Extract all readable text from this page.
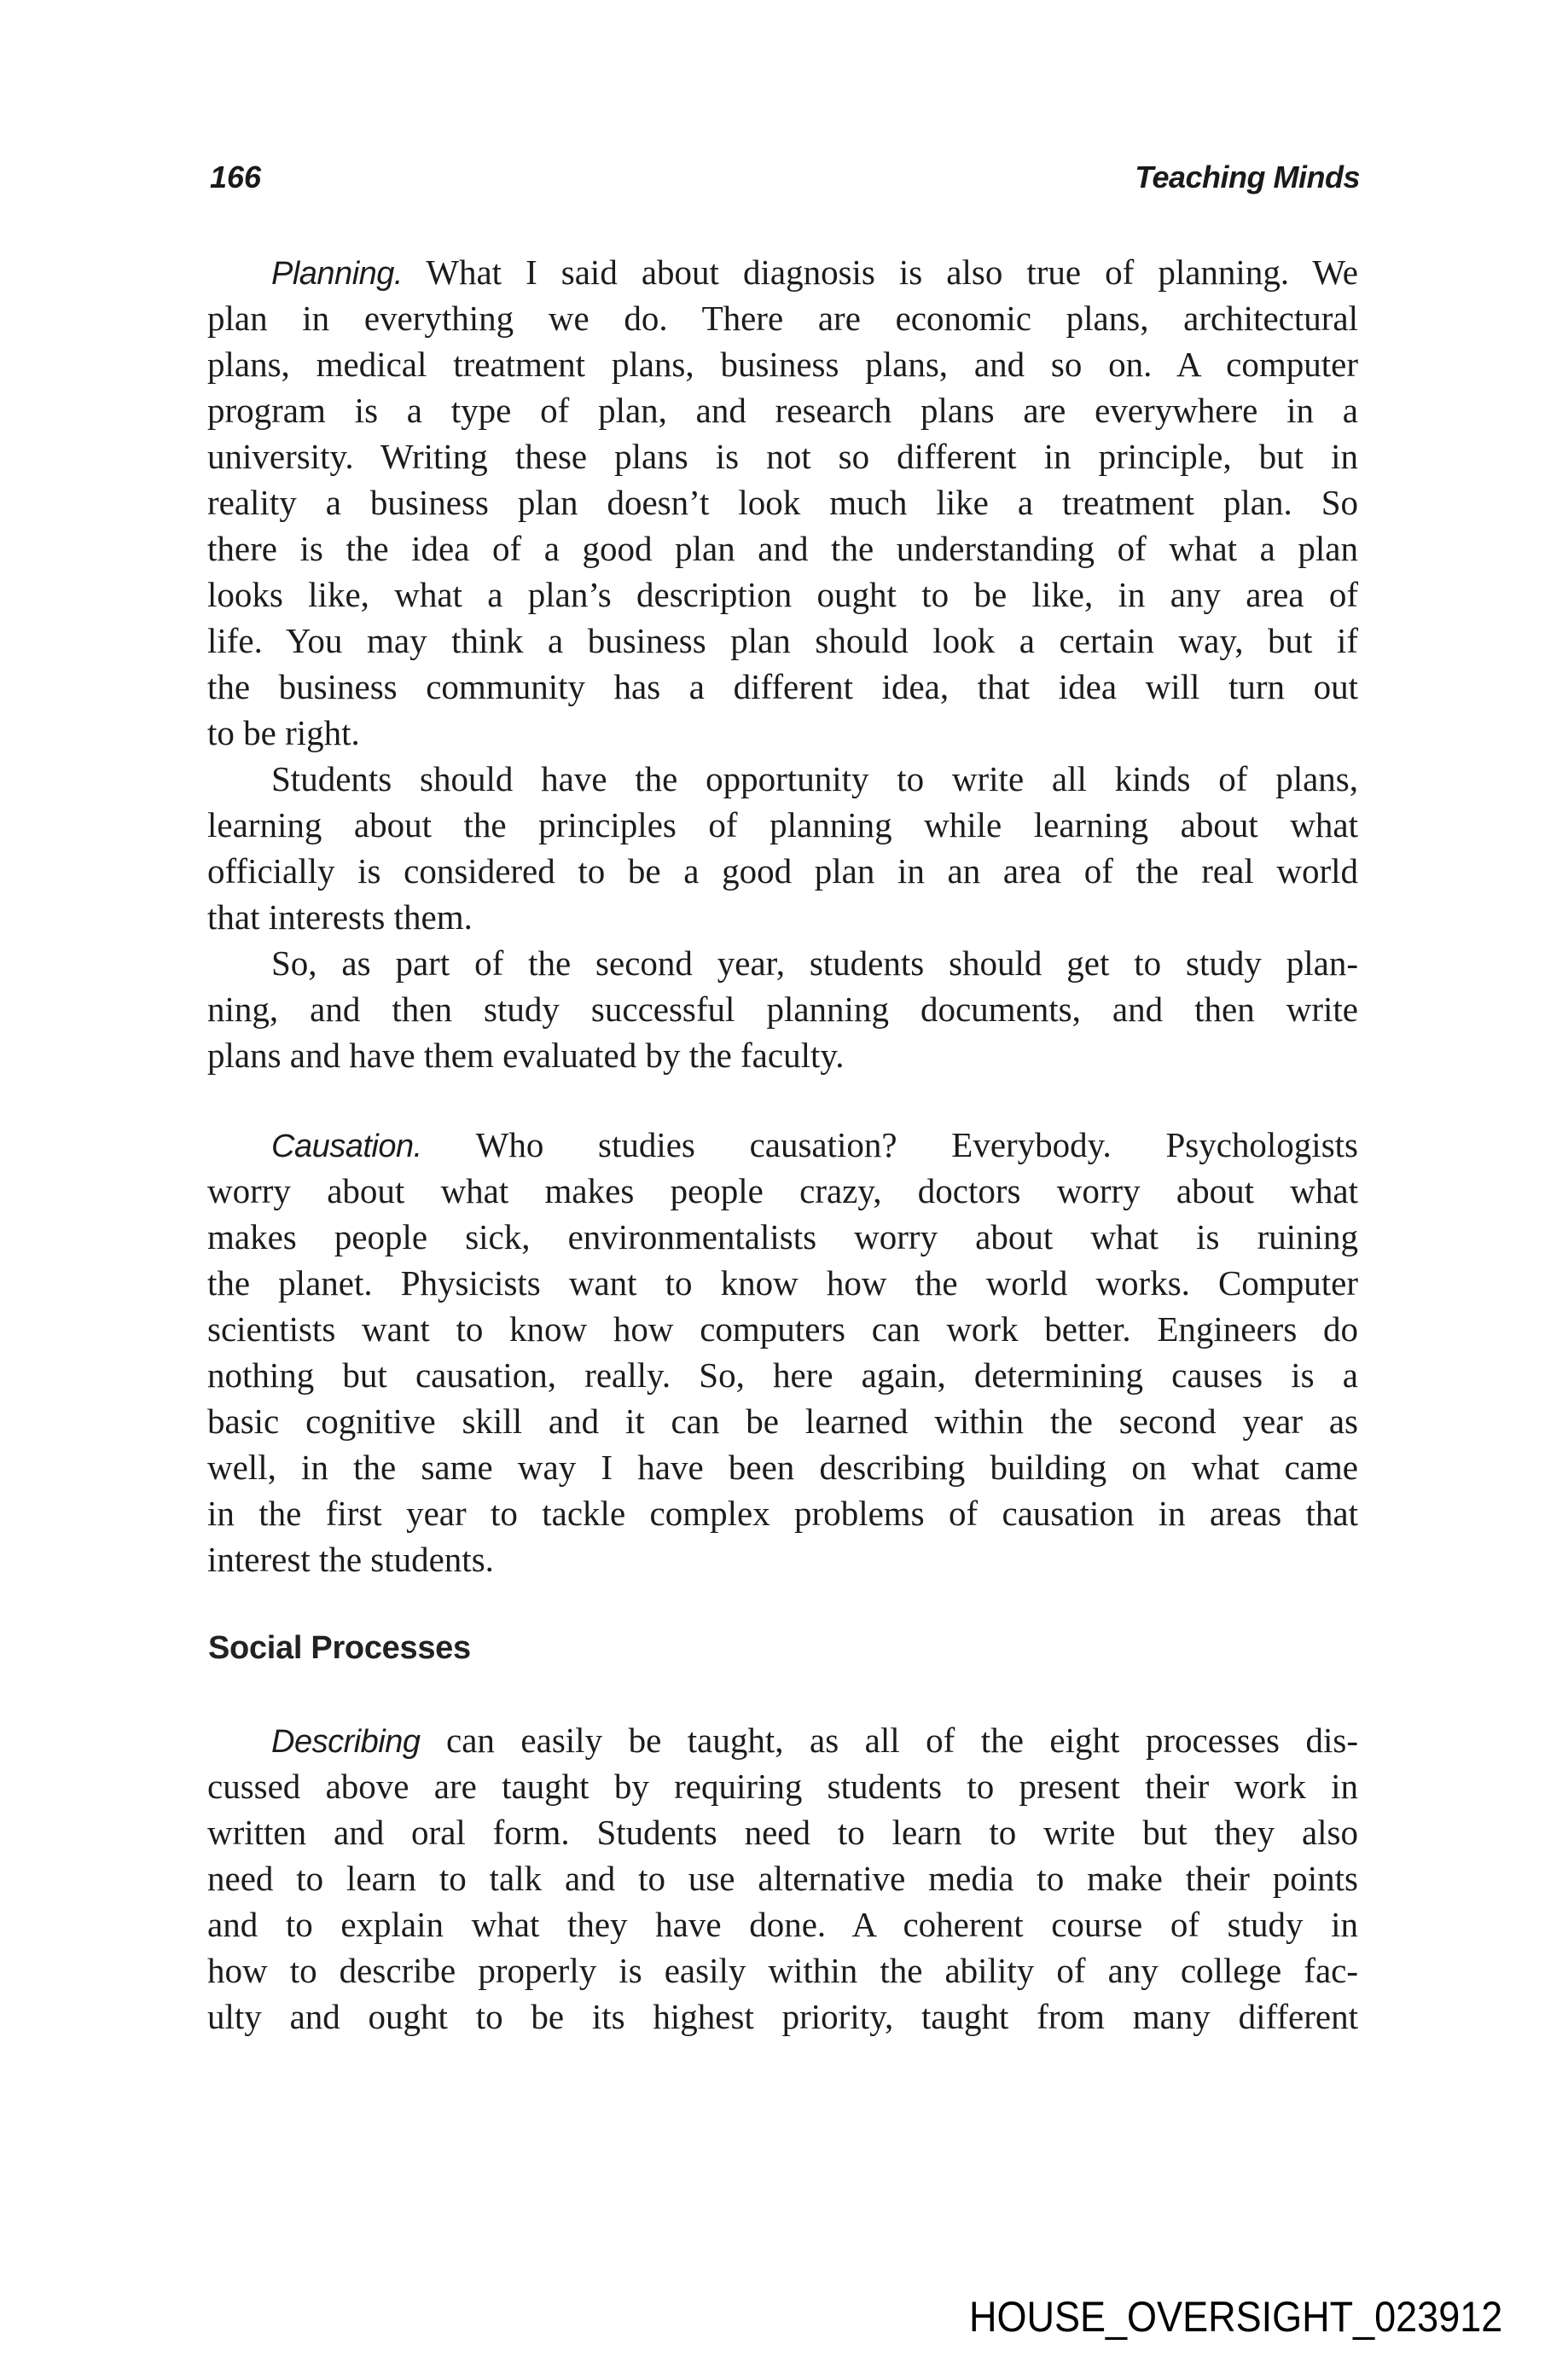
166	Teaching Minds
Planning. What I said about diagnosis is also true of planning. We
plan in everything we do. There are economic plans, architectural
plans, medical treatment plans, business plans, and so on. A computer
program is a type of plan, and research plans are everywhere in a
university. Writing these plans is not so different in principle, but in
reality a business plan doesn’t look much like a treatment plan. So
there is the idea of a good plan and the understanding of what a plan
looks like, what a plan’s description ought to be like, in any area of
life. You may think a business plan should look a certain way, but if
the business community has a different idea, that idea will turn out
to be right.
Students should have the opportunity to write all kinds of plans,
learning about the principles of planning while learning about what
officially is considered to be a good plan in an area of the real world
that interests them.
So, as part of the second year, students should get to study plan-
ning, and then study successful planning documents, and then write
plans and have them evaluated by the faculty.
Causation. Who studies causation? Everybody. Psychologists
worry about what makes people crazy, doctors worry about what
makes people sick, environmentalists worry about what is ruining
the planet. Physicists want to know how the world works. Computer
scientists want to know how computers can work better. Engineers do
nothing but causation, really. So, here again, determining causes is a
basic cognitive skill and it can be learned within the second year as
well, in the same way I have been describing building on what came
in the first year to tackle complex problems of causation in areas that
interest the students.
Social Processes
Describing can easily be taught, as all of the eight processes dis-
cussed above are taught by requiring students to present their work in
written and oral form. Students need to learn to write but they also
need to learn to talk and to use alternative media to make their points
and to explain what they have done. A coherent course of study in
how to describe properly is easily within the ability of any college fac-
ulty and ought to be its highest priority, taught from many different
HOUSE_OVERSIGHT_023912
